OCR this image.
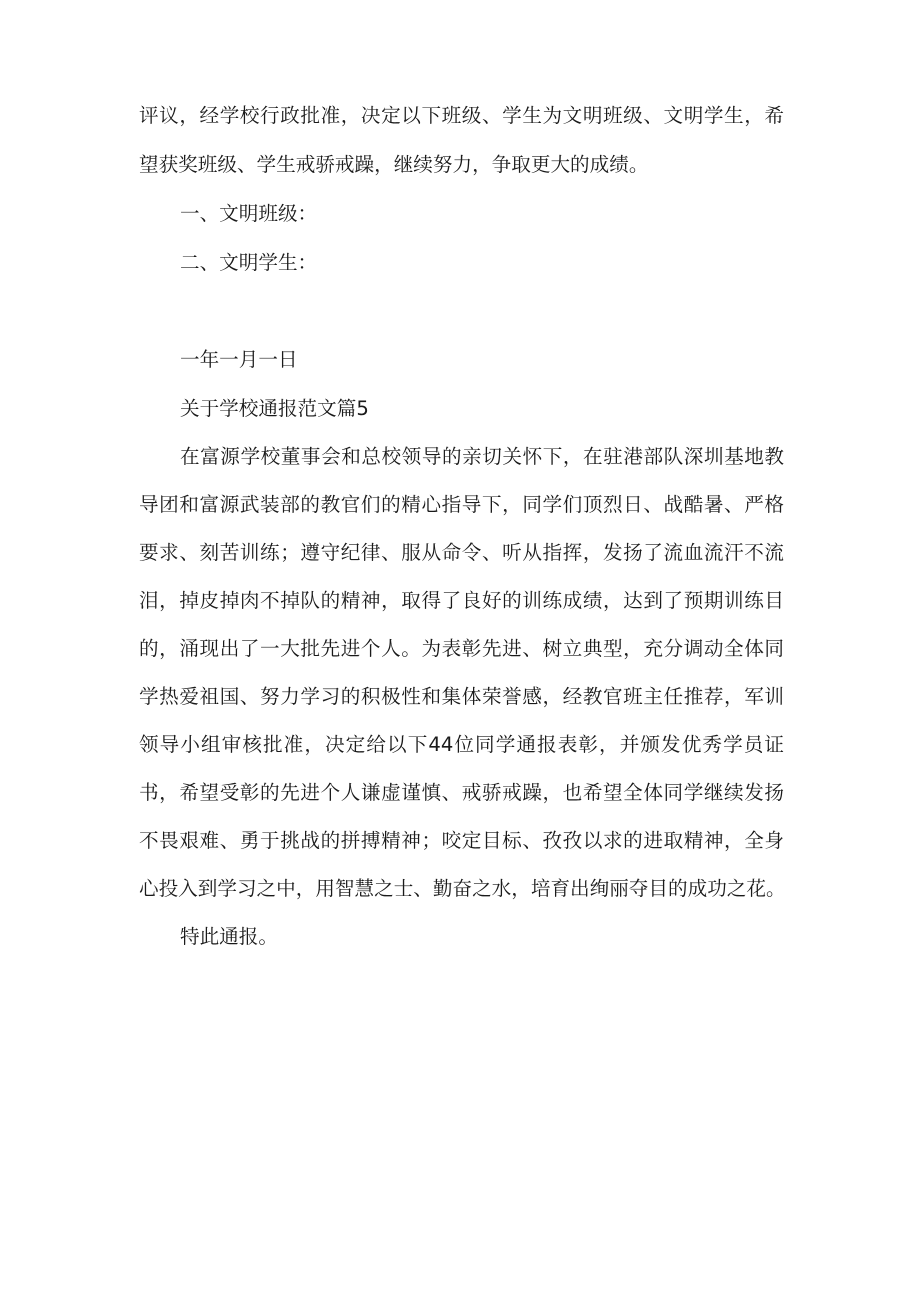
评议，经学校行政批准，决定以下班级、学生为文明班级、文明学生，希
望获奖班级、学生戒骄戒躁，继续努力，争取更大的成绩。
一、文明班级：
二、文明学生：
一年一月一日
关于学校通报范文篇5
在富源学校董事会和总校领导的亲切关怀下，在驻港部队深圳基地教
导团和富源武装部的教官们的精心指导下，同学们顶烈日、战酷暑、严格
要求、刻苦训练；遵守纪律、服从命令、听从指挥，发扬了流血流汗不流
泪，掉皮掉肉不掉队的精神，取得了良好的训练成绩，达到了预期训练目
的，涌现出了一大批先进个人。为表彰先进、树立典型，充分调动全体同
学热爱祖国、努力学习的积极性和集体荣誉感，经教官班主任推荐，军训
领导小组审核批准，决定给以下44位同学通报表彰，并颁发优秀学员证
书，希望受彰的先进个人谦虚谨慎、戒骄戒躁，也希望全体同学继续发扬
不畏艰难、勇于挑战的拼搏精神；咬定目标、孜孜以求的进取精神，全身
心投入到学习之中，用智慧之士、勤奋之水，培育出绚丽夺目的成功之花。
特此通报。
